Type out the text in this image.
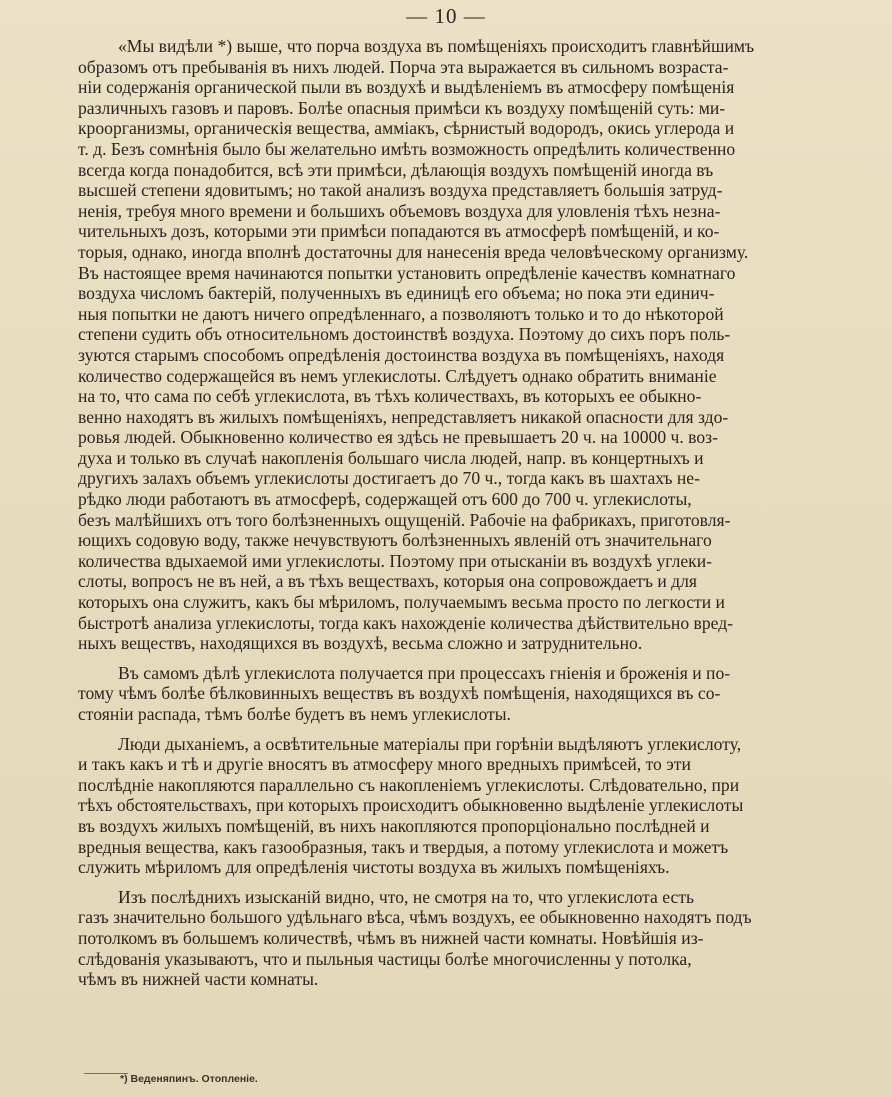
— 10 —

«Мы видѣли *) выше, что порча воздуха въ помѣщеніяхъ происходитъ главнѣйшимъ
образомъ отъ пребыванія въ нихъ людей. Порча эта выражается въ сильномъ возраста-
ніи содержанія органической пыли въ воздухѣ и выдѣленіемъ въ атмосферу помѣщенія
различныхъ газовъ и паровъ. Болѣе опасныя примѣси къ воздуху помѣщеній суть: ми-
кроорганизмы, органическія вещества, амміакъ, сѣрнистый водородъ, окись углерода и
т. д. Безъ сомнѣнія было бы желательно имѣть возможность опредѣлить количественно
всегда когда понадобится, всѣ эти примѣси, дѣлающія воздухъ помѣщеній иногда въ
высшей степени ядовитымъ; но такой анализъ воздуха представляетъ большія затруд-
ненія, требуя много времени и большихъ объемовъ воздуха для уловленія тѣхъ незна-
чительныхъ дозъ, которыми эти примѣси попадаются въ атмосферѣ помѣщеній, и ко-
торыя, однако, иногда вполнѣ достаточны для нанесенія вреда человѣческому организму.
Въ настоящее время начинаются попытки установить опредѣленіе качествъ комнатнаго
воздуха числомъ бактерій, полученныхъ въ единицѣ его объема; но пока эти единич-
ныя попытки не даютъ ничего опредѣленнаго, а позволяютъ только и то до нѣкоторой
степени судить объ относительномъ достоинствѣ воздуха. Поэтому до сихъ поръ поль-
зуются старымъ способомъ опредѣленія достоинства воздуха въ помѣщеніяхъ, находя
количество содержащейся въ немъ углекислоты. Слѣдуетъ однако обратить вниманіе
на то, что сама по себѣ углекислота, въ тѣхъ количествахъ, въ которыхъ ее обыкно-
венно находятъ въ жилыхъ помѣщеніяхъ, непредставляетъ никакой опасности для здо-
ровья людей. Обыкновенно количество ея здѣсь не превышаетъ 20 ч. на 10000 ч. воз-
духа и только въ случаѣ накопленія большаго числа людей, напр. въ концертныхъ и
другихъ залахъ объемъ углекислоты достигаетъ до 70 ч., тогда какъ въ шахтахъ не-
рѣдко люди работаютъ въ атмосферѣ, содержащей отъ 600 до 700 ч. углекислоты,
безъ малѣйшихъ отъ того болѣзненныхъ ощущеній. Рабочіе на фабрикахъ, приготовля-
ющихъ содовую воду, также нечувствуютъ болѣзненныхъ явленій отъ значительнаго
количества вдыхаемой ими углекислоты. Поэтому при отысканіи въ воздухѣ углеки-
слоты, вопросъ не въ ней, а въ тѣхъ веществахъ, которыя она сопровождаетъ и для
которыхъ она служитъ, какъ бы мѣриломъ, получаемымъ весьма просто по легкости и
быстротѣ анализа углекислоты, тогда какъ нахожденіе количества дѣйствительно вред-
ныхъ веществъ, находящихся въ воздухѣ, весьма сложно и затруднительно.

Въ самомъ дѣлѣ углекислота получается при процессахъ гніенія и броженія и по-
тому чѣмъ болѣе бѣлковинныхъ веществъ въ воздухѣ помѣщенія, находящихся въ со-
стояніи распада, тѣмъ болѣе будетъ въ немъ углекислоты.

Люди дыханіемъ, а освѣтительные матеріалы при горѣніи выдѣляютъ углекислоту,
и такъ какъ и тѣ и другіе вносятъ въ атмосферу много вредныхъ примѣсей, то эти
послѣдніе накопляются параллельно съ накопленіемъ углекислоты. Слѣдовательно, при
тѣхъ обстоятельствахъ, при которыхъ происходитъ обыкновенно выдѣленіе углекислоты
въ воздухъ жилыхъ помѣщеній, въ нихъ накопляются пропорціонально послѣдней и
вредныя вещества, какъ газообразныя, такъ и твердыя, а потому углекислота и можетъ
служить мѣриломъ для опредѣленія чистоты воздуха въ жилыхъ помѣщеніяхъ.

Изъ послѣднихъ изысканій видно, что, не смотря на то, что углекислота есть
газъ значительно большого удѣльнаго вѣса, чѣмъ воздухъ, ее обыкновенно находятъ подъ
потолкомъ въ большемъ количествѣ, чѣмъ въ нижней части комнаты. Новѣйшія из-
слѣдованія указываютъ, что и пыльныя частицы болѣе многочисленны у потолка,
чѣмъ въ нижней части комнаты.

*) Веденяпинъ. Отопленіе.
